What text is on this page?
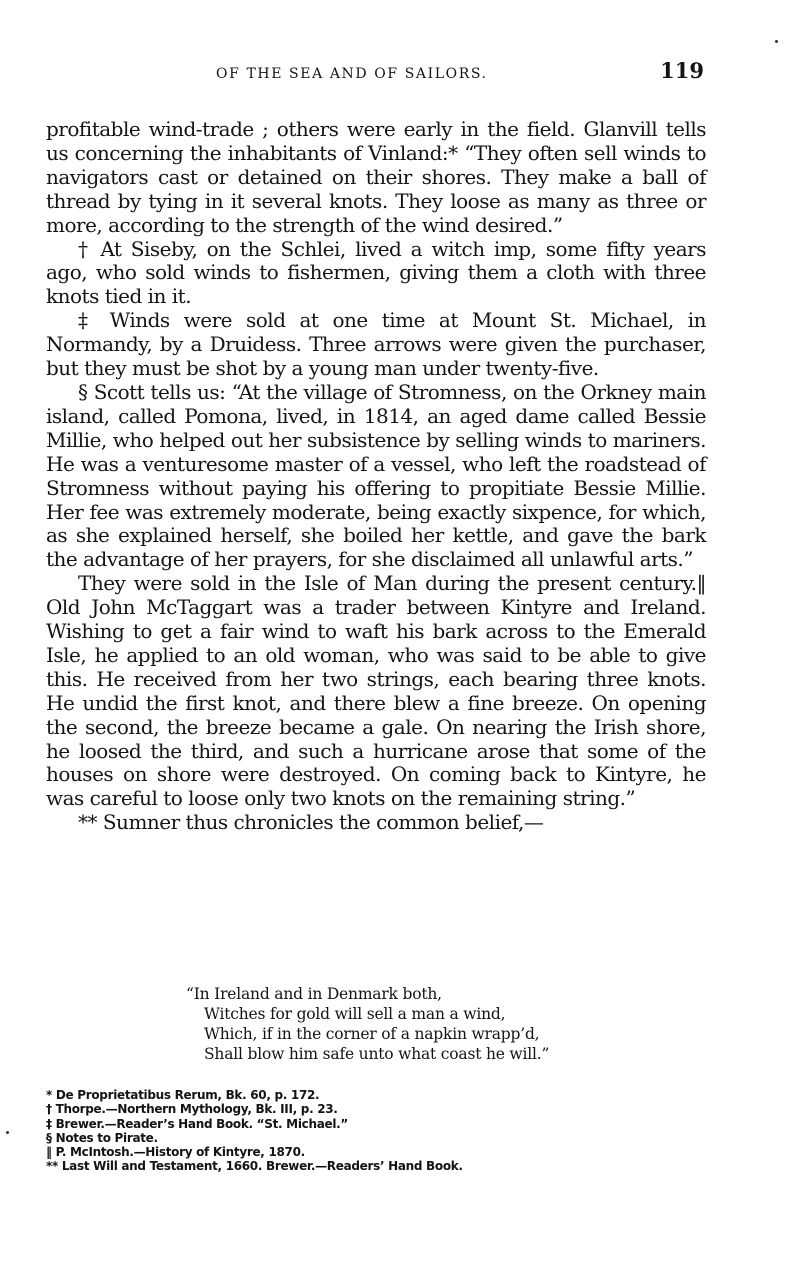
OF THE SEA AND OF SAILORS.	119

profitable wind-trade ; others were early in the field. Glanvill tells us concerning the inhabitants of Vinland:* “They often sell winds to navigators cast or detained on their shores. They make a ball of thread by tying in it several knots. They loose as many as three or more, according to the strength of the wind desired.”

† At Siseby, on the Schlei, lived a witch imp, some fifty years ago, who sold winds to fishermen, giving them a cloth with three knots tied in it.

‡ Winds were sold at one time at Mount St. Michael, in Normandy, by a Druidess. Three arrows were given the purchaser, but they must be shot by a young man under twenty-five.

§ Scott tells us: “At the village of Stromness, on the Orkney main island, called Pomona, lived, in 1814, an aged dame called Bessie Millie, who helped out her subsistence by selling winds to mariners. He was a venturesome master of a vessel, who left the roadstead of Stromness without paying his offering to propitiate Bessie Millie. Her fee was extremely moderate, being exactly sixpence, for which, as she explained herself, she boiled her kettle, and gave the bark the advantage of her prayers, for she disclaimed all unlawful arts.”

They were sold in the Isle of Man during the present century.‖ Old John McTaggart was a trader between Kintyre and Ireland. Wishing to get a fair wind to waft his bark across to the Emerald Isle, he applied to an old woman, who was said to be able to give this. He received from her two strings, each bearing three knots. He undid the first knot, and there blew a fine breeze. On opening the second, the breeze became a gale. On nearing the Irish shore, he loosed the third, and such a hurricane arose that some of the houses on shore were destroyed. On coming back to Kintyre, he was careful to loose only two knots on the remaining string.”

** Sumner thus chronicles the common belief,—

“In Ireland and in Denmark both,
Witches for gold will sell a man a wind,
Which, if in the corner of a napkin wrapp’d,
Shall blow him safe unto what coast he will.”
* De Proprietatibus Rerum, Bk. 60, p. 172.
† Thorpe.—Northern Mythology, Bk. III, p. 23.
‡ Brewer.—Reader’s Hand Book. “St. Michael.”
§ Notes to Pirate.
‖ P. McIntosh.—History of Kintyre, 1870.
** Last Will and Testament, 1660. Brewer.—Readers’ Hand Book.
